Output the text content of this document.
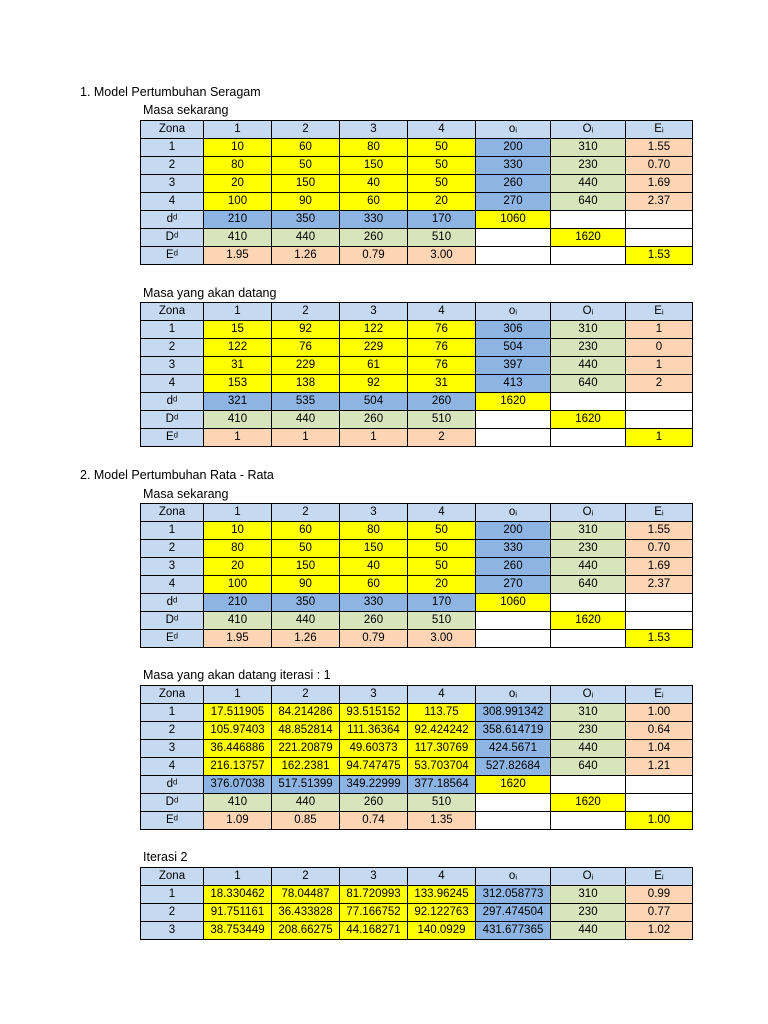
1. Model Pertumbuhan Seragam
2. Model Pertumbuhan Rata - Rata
Masa sekarang
Zona	1	2	3	4	oᵢ	Oᵢ	Eᵢ
1	10	60	80	50	200	310	1.55
2	80	50	150	50	330	230	0.70
3	20	150	40	50	260	440	1.69
4	100	90	60	20	270	640	2.37
dᵈ	210	350	330	170	1060		
Dᵈ	410	440	260	510		1620	
Eᵈ	1.95	1.26	0.79	3.00			1.53
Masa yang akan datang
Zona	1	2	3	4	oᵢ	Oᵢ	Eᵢ
1	15	92	122	76	306	310	1
2	122	76	229	76	504	230	0
3	31	229	61	76	397	440	1
4	153	138	92	31	413	640	2
dᵈ	321	535	504	260	1620		
Dᵈ	410	440	260	510		1620	
Eᵈ	1	1	1	2			1
Masa sekarang
Zona	1	2	3	4	oᵢ	Oᵢ	Eᵢ
1	10	60	80	50	200	310	1.55
2	80	50	150	50	330	230	0.70
3	20	150	40	50	260	440	1.69
4	100	90	60	20	270	640	2.37
dᵈ	210	350	330	170	1060		
Dᵈ	410	440	260	510		1620	
Eᵈ	1.95	1.26	0.79	3.00			1.53
Masa yang akan datang iterasi : 1
Zona	1	2	3	4	oᵢ	Oᵢ	Eᵢ
1	17.511905	84.214286	93.515152	113.75	308.991342	310	1.00
2	105.97403	48.852814	111.36364	92.424242	358.614719	230	0.64
3	36.446886	221.20879	49.60373	117.30769	424.5671	440	1.04
4	216.13757	162.2381	94.747475	53.703704	527.82684	640	1.21
dᵈ	376.07038	517.51399	349.22999	377.18564	1620		
Dᵈ	410	440	260	510		1620	
Eᵈ	1.09	0.85	0.74	1.35			1.00
Iterasi 2
Zona	1	2	3	4	oᵢ	Oᵢ	Eᵢ
1	18.330462	78.04487	81.720993	133.96245	312.058773	310	0.99
2	91.751161	36.433828	77.166752	92.122763	297.474504	230	0.77
3	38.753449	208.66275	44.168271	140.0929	431.677365	440	1.02
